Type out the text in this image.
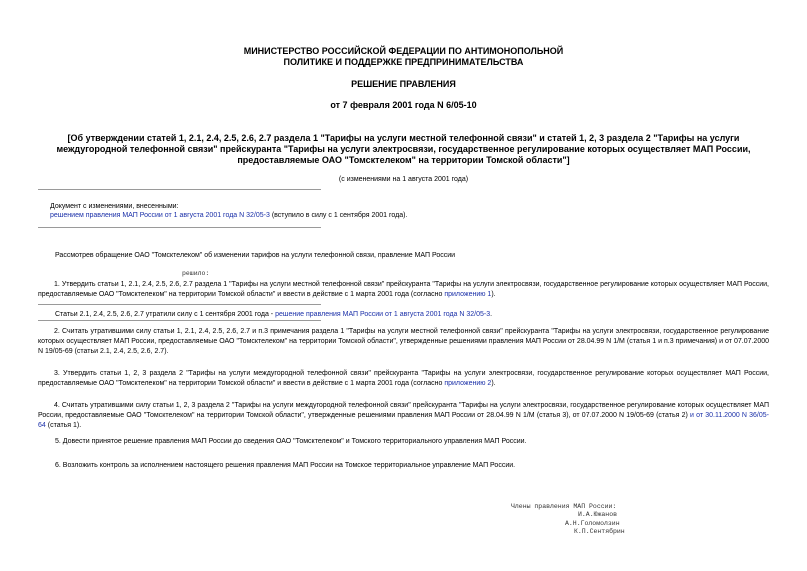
МИНИСТЕРСТВО РОССИЙСКОЙ ФЕДЕРАЦИИ ПО АНТИМОНОПОЛЬНОЙ
ПОЛИТИКЕ И ПОДДЕРЖКЕ ПРЕДПРИНИМАТЕЛЬСТВА
РЕШЕНИЕ ПРАВЛЕНИЯ
от 7 февраля 2001 года N 6/05-10
[Об утверждении статей 1, 2.1, 2.4, 2.5, 2.6, 2.7 раздела 1 "Тарифы на услуги местной телефонной связи" и статей 1, 2, 3 раздела 2 "Тарифы на услуги
междугородной телефонной связи" прейскуранта "Тарифы на услуги электросвязи, государственное регулирование которых осуществляет МАП России,
предоставляемые ОАО "Томсктелеком" на территории Томской области"]
(с изменениями на 1 августа 2001 года)
Документ с изменениями, внесенными:
решением правления МАП России от 1 августа 2001 года N 32/05-3 (вступило в силу с 1 сентября 2001 года).
Рассмотрев обращение ОАО "Томсктелеком" об изменении тарифов на услуги телефонной связи, правление МАП России
решило:
1. Утвердить статьи 1, 2.1, 2.4, 2.5, 2.6, 2.7 раздела 1 "Тарифы на услуги местной телефонной связи" прейскуранта "Тарифы на услуги электросвязи, государственное регулирование которых осуществляет МАП России, предоставляемые ОАО "Томсктелеком" на территории Томской области" и ввести в действие с 1 марта 2001 года (согласно приложению 1).
Статьи 2.1, 2.4, 2.5, 2.6, 2.7 утратили силу с 1 сентября 2001 года - решение правления МАП России от 1 августа 2001 года N 32/05-3.
2. Считать утратившими силу статьи 1, 2.1, 2.4, 2.5, 2.6, 2.7 и п.3 примечания раздела 1 "Тарифы на услуги местной телефонной связи" прейскуранта "Тарифы на услуги электросвязи, государственное регулирование которых осуществляет МАП России, предоставляемые ОАО "Томсктелеком" на территории Томской области", утвержденные решениями правления МАП России от 28.04.99 N 1/М (статья 1 и п.3 примечания) и от 07.07.2000 N 19/05-69 (статьи 2.1, 2.4, 2.5, 2.6, 2.7).
3. Утвердить статьи 1, 2, 3 раздела 2 "Тарифы на услуги междугородной телефонной связи" прейскуранта "Тарифы на услуги электросвязи, государственное регулирование которых осуществляет МАП России, предоставляемые ОАО "Томсктелеком" на территории Томской области" и ввести в действие с 1 марта 2001 года (согласно приложению 2).
4. Считать утратившими силу статьи 1, 2, 3 раздела 2 "Тарифы на услуги междугородной телефонной связи" прейскуранта "Тарифы на услуги электросвязи, государственное регулирование которых осуществляет МАП России, предоставляемые ОАО "Томсктелеком" на территории Томской области", утвержденные решениями правления МАП России от 28.04.99 N 1/М (статья 3), от 07.07.2000 N 19/05-69 (статья 2) и от 30.11.2000 N 36/05-64 (статья 1).
5. Довести принятое решение правления МАП России до сведения ОАО "Томсктелеком" и Томского территориального управления МАП России.
6. Возложить контроль за исполнением настоящего решения правления МАП России на Томское территориальное управление МАП России.
Члены правления МАП России:
И.А.Южанов
А.Н.Голомолзин
К.П.Сентябрин
